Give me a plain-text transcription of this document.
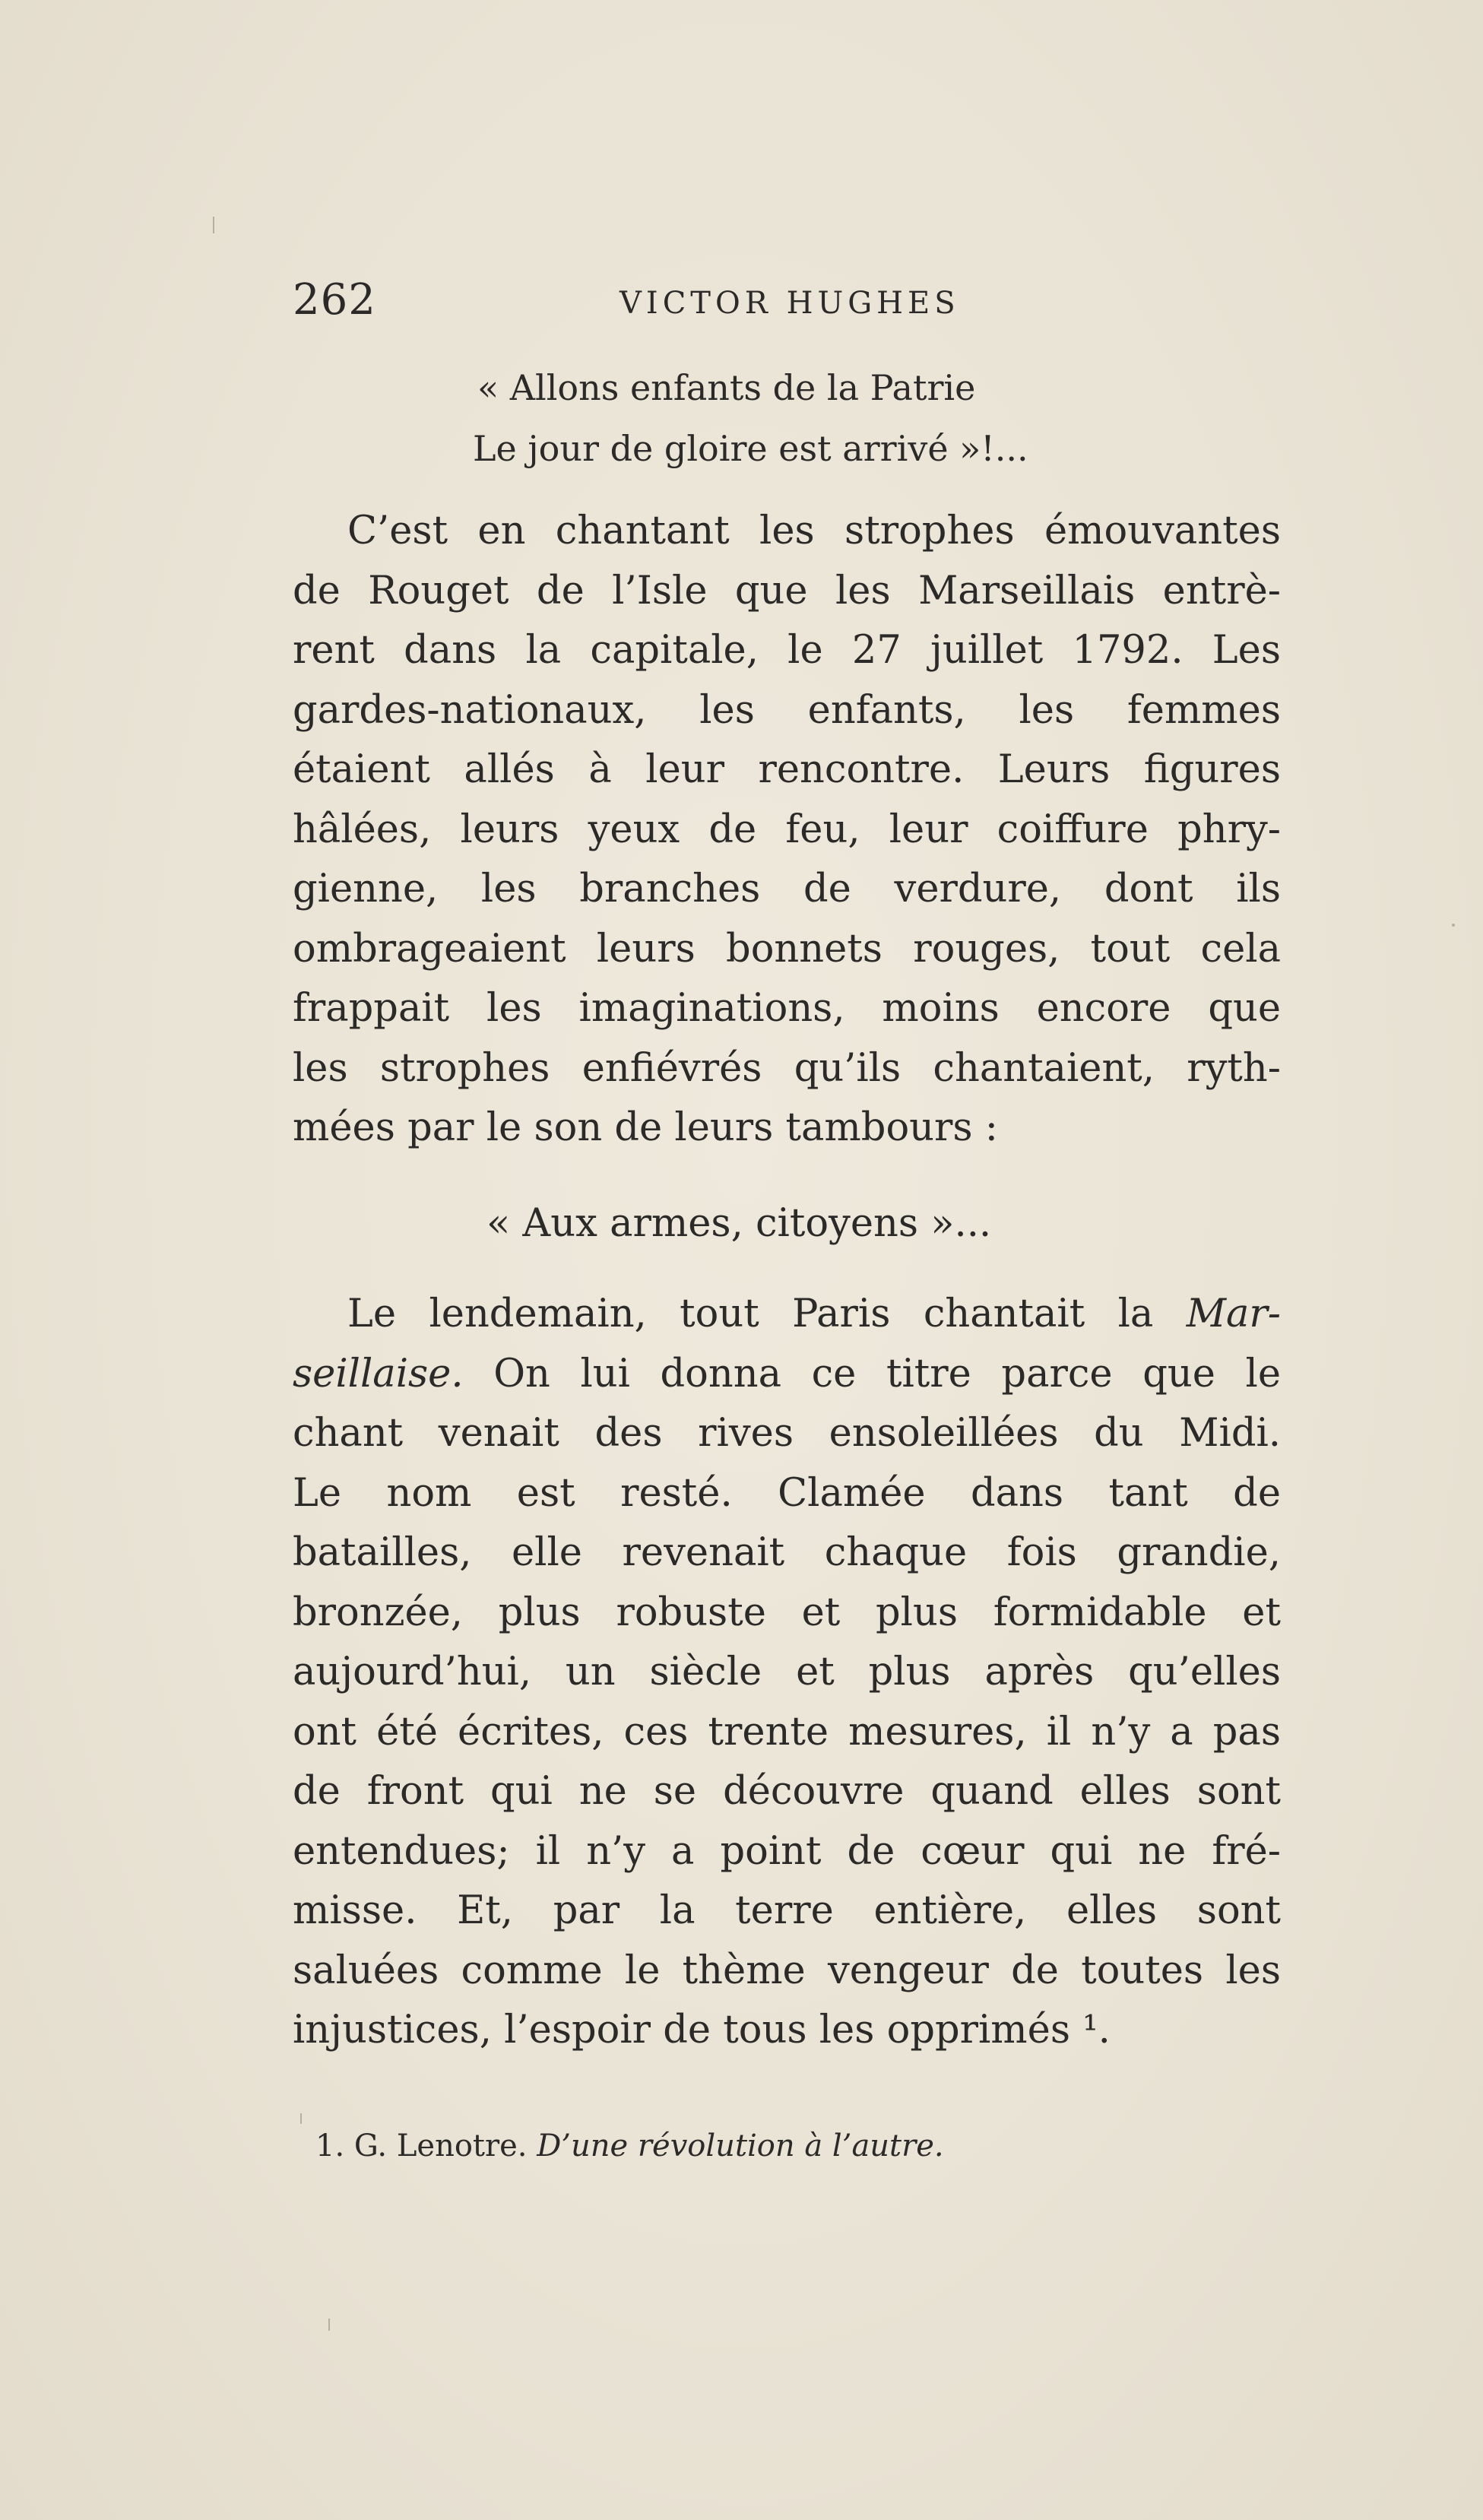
262	VICTOR HUGHES
« Allons enfants de la Patrie
Le jour de gloire est arrivé »!...
C’est en chantant les strophes émouvantes
de Rouget de l’Isle que les Marseillais entrè-
rent dans la capitale, le 27 juillet 1792. Les
gardes-nationaux, les enfants, les femmes
étaient allés à leur rencontre. Leurs figures
hâlées, leurs yeux de feu, leur coiffure phry-
gienne, les branches de verdure, dont ils
ombrageaient leurs bonnets rouges, tout cela
frappait les imaginations, moins encore que
les strophes enfiévrés qu’ils chantaient, ryth-
mées par le son de leurs tambours :
« Aux armes, citoyens »...
Le lendemain, tout Paris chantait la Mar-
seillaise. On lui donna ce titre parce que le
chant venait des rives ensoleillées du Midi.
Le nom est resté. Clamée dans tant de
batailles, elle revenait chaque fois grandie,
bronzée, plus robuste et plus formidable et
aujourd’hui, un siècle et plus après qu’elles
ont été écrites, ces trente mesures, il n’y a pas
de front qui ne se découvre quand elles sont
entendues; il n’y a point de cœur qui ne fré-
misse. Et, par la terre entière, elles sont
saluées comme le thème vengeur de toutes les
injustices, l’espoir de tous les opprimés ¹.
1. G. Lenotre. D’une révolution à l’autre.
